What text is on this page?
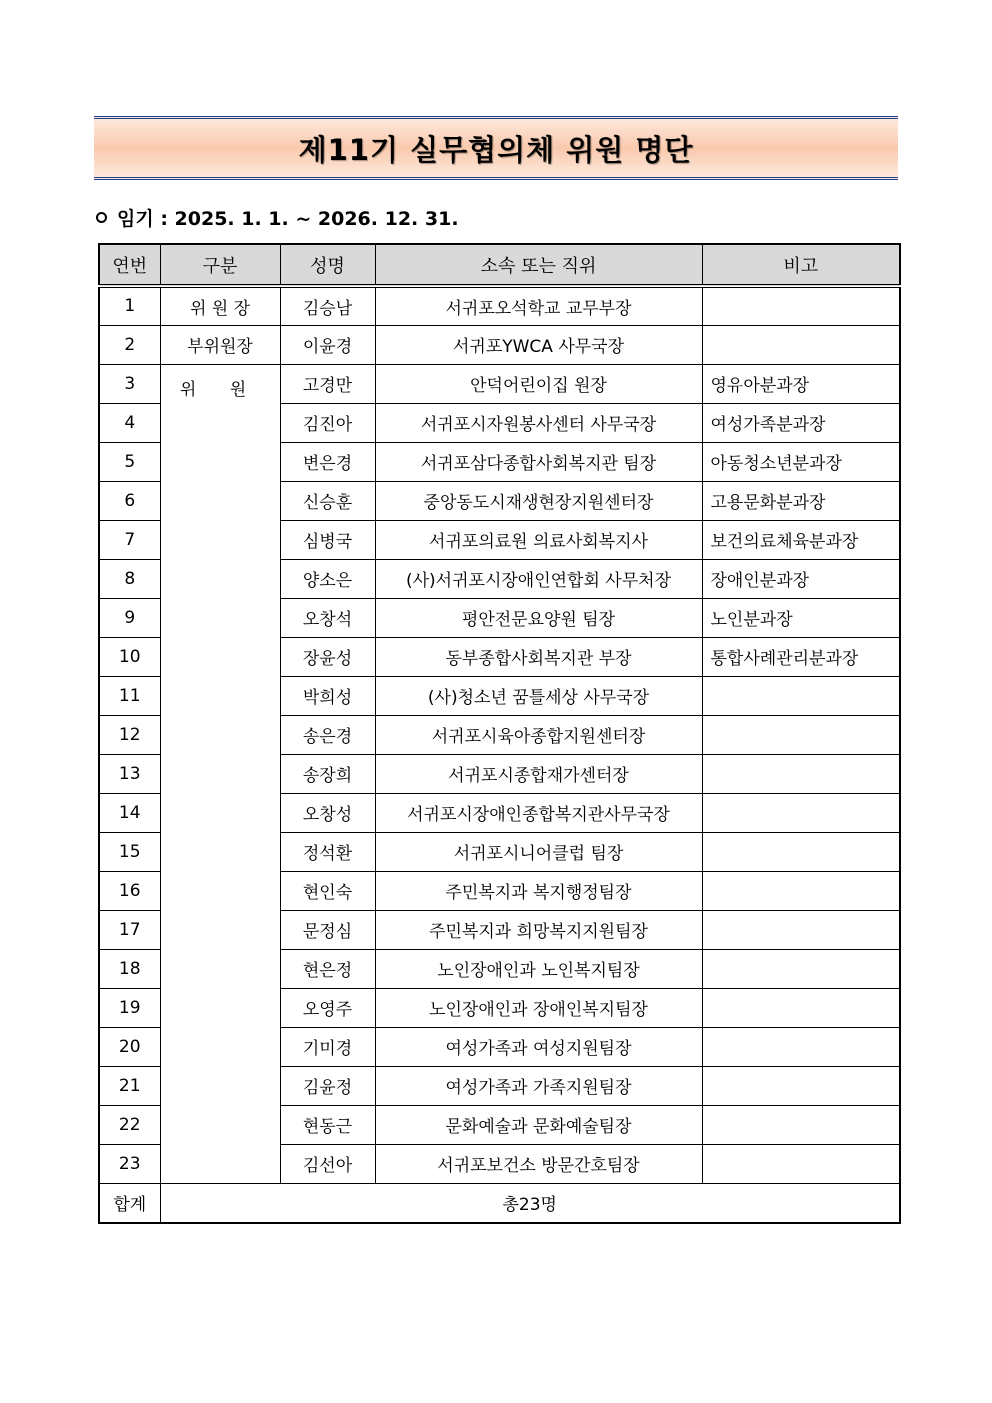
제11기 실무협의체 위원 명단
임기 : 2025. 1. 1. ~ 2026. 12. 31.
연번	구분	성명	소속 또는 직위	비고
1	위 원 장	김승남	서귀포오석학교 교무부장	
2	부위원장	이윤경	서귀포YWCA 사무국장	
3	위 원	고경만	안덕어린이집 원장	영유아분과장
4		김진아	서귀포시자원봉사센터 사무국장	여성가족분과장
5		변은경	서귀포삼다종합사회복지관 팀장	아동청소년분과장
6		신승훈	중앙동도시재생현장지원센터장	고용문화분과장
7		심병국	서귀포의료원 의료사회복지사	보건의료체육분과장
8		양소은	(사)서귀포시장애인연합회 사무처장	장애인분과장
9		오창석	평안전문요양원 팀장	노인분과장
10		장윤성	동부종합사회복지관 부장	통합사례관리분과장
11		박희성	(사)청소년 꿈틀세상 사무국장	
12		송은경	서귀포시육아종합지원센터장	
13		송장희	서귀포시종합재가센터장	
14		오창성	서귀포시장애인종합복지관사무국장	
15		정석환	서귀포시니어클럽 팀장	
16		현인숙	주민복지과 복지행정팀장	
17		문정심	주민복지과 희망복지지원팀장	
18		현은정	노인장애인과 노인복지팀장	
19		오영주	노인장애인과 장애인복지팀장	
20		기미경	여성가족과 여성지원팀장	
21		김윤정	여성가족과 가족지원팀장	
22		현동근	문화예술과 문화예술팀장	
23		김선아	서귀포보건소 방문간호팀장	
합계	총23명			
